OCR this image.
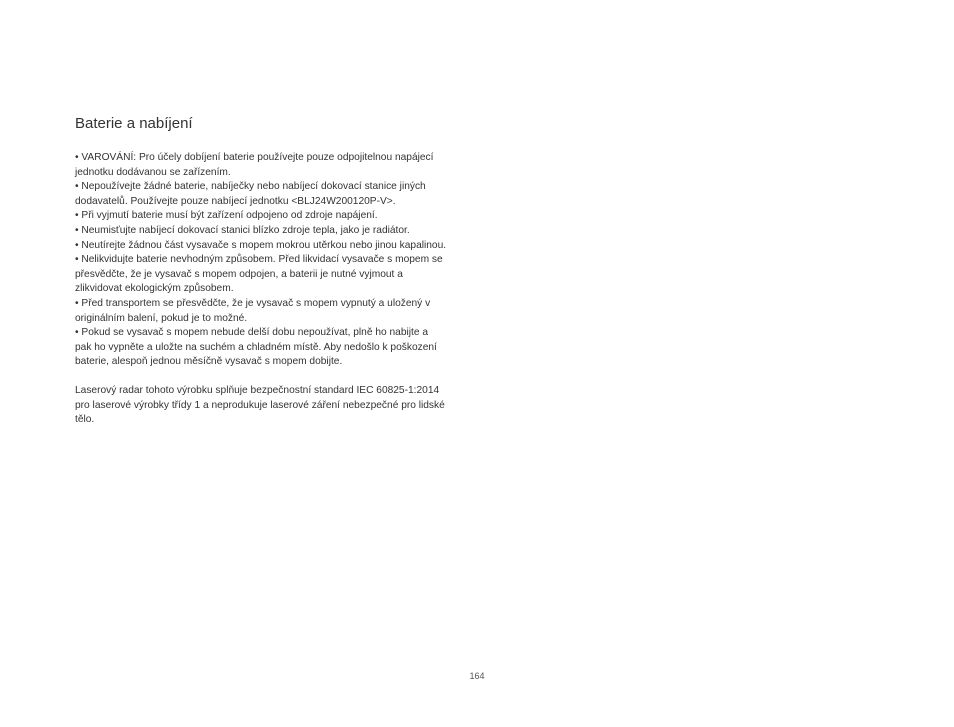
Baterie a nabíjení

• VAROVÁNÍ: Pro účely dobíjení baterie používejte pouze odpojitelnou napájecí jednotku dodávanou se zařízením.

• Nepoužívejte žádné baterie, nabíječky nebo nabíjecí dokovací stanice jiných dodavatelů. Používejte pouze nabíjecí jednotku <BLJ24W200120P-V>.

• Při vyjmutí baterie musí být zařízení odpojeno od zdroje napájení.

• Neumisťujte nabíjecí dokovací stanici blízko zdroje tepla, jako je radiátor.

• Neutírejte žádnou část vysavače s mopem mokrou utěrkou nebo jinou kapalinou.

• Nelikvidujte baterie nevhodným způsobem. Před likvidací vysavače s mopem se přesvědčte, že je vysavač s mopem odpojen, a baterii je nutné vyjmout a zlikvidovat ekologickým způsobem.

• Před transportem se přesvědčte, že je vysavač s mopem vypnutý a uložený v originálním balení, pokud je to možné.

• Pokud se vysavač s mopem nebude delší dobu nepoužívat, plně ho nabijte a pak ho vypněte a uložte na suchém a chladném místě. Aby nedošlo k poškození baterie, alespoň jednou měsíčně vysavač s mopem dobijte.

Laserový radar tohoto výrobku splňuje bezpečnostní standard IEC 60825-1:2014 pro laserové výrobky třídy 1 a neprodukuje laserové záření nebezpečné pro lidské tělo.

164
